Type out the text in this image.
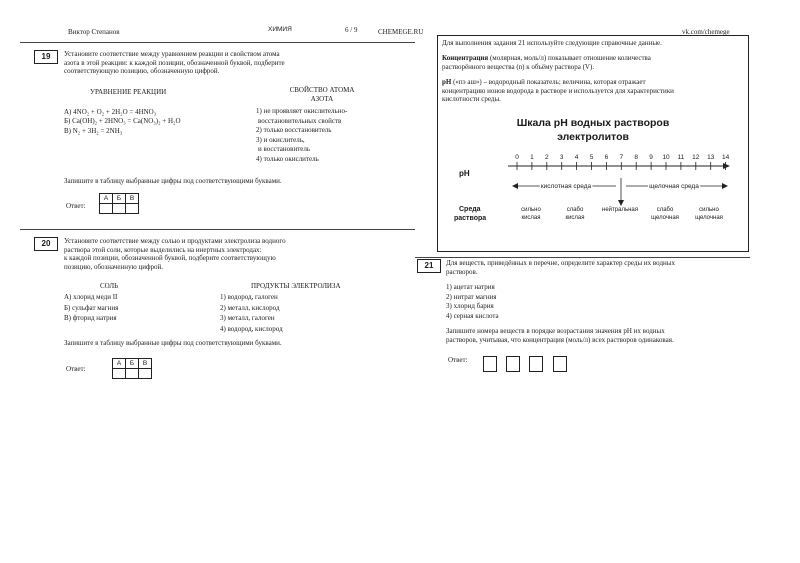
Виктор Степанов	ХИМИЯ	6 / 9	CHEMEGE.RU	vk.com/chemege
19	Установите соответствие между уравнением реакции и свойством атома
азота в этой реакции: к каждой позиции, обозначенной буквой, подберите
соответствующую позицию, обозначенную цифрой.
УРАВНЕНИЕ РЕАКЦИИ	СВОЙСТВО АТОМА
АЗОТА
А) 4NO₂ + O₂ + 2H₂O = 4HNO₃
Б) Ca(OH)₂ + 2HNO₃ = Ca(NO₃)₂ + H₂O
В) N₂ + 3H₂ = 2NH₃
1) не проявляет окислительно-
восстановительных свойств
2) только восстановитель
3) и окислитель,
и восстановитель
4) только окислитель
Запишите в таблицу выбранные цифры под соответствующими буквами.
Ответ:
А	Б	В

20	Установите соответствие между солью и продуктами электролиза водного
раствора этой соли, которые выделились на инертных электродах:
к каждой позиции, обозначенной буквой, подберите соответствующую
позицию, обозначенную цифрой.
СОЛЬ	ПРОДУКТЫ ЭЛЕКТРОЛИЗА
А) хлорид меди II
Б) сульфат магния
В) фторид натрия
1) водород, галоген
2) металл, кислород
3) металл, галоген
4) водород, кислород
Запишите в таблицу выбранные цифры под соответствующими буквами.
Ответ:
А	Б	В

Для выполнения задания 21 используйте следующие справочные данные.
Концентрация (молярная, моль/л) показывает отношение количества
растворённого вещества (n) к объёму раствора (V).
pH («пэ аш») – водородный показатель; величина, которая отражает
концентрацию ионов водорода в растворе и используется для характеристики
кислотности среды.
Шкала pH водных растворов
электролитов
pH
0 1 2 3 4 5 6 7 8 9 10 11 12 13 14
кислотная среда	щелочная среда
Среда
раствора
сильно
кислая
слабо
кислая
нейтральная	слабо
щелочная
сильно
щелочная
21	Для веществ, приведённых в перечне, определите характер среды их водных
растворов.
1) ацетат натрия
2) нитрат магния
3) хлорид бария
4) серная кислота
Запишите номера веществ в порядке возрастания значения pH их водных
растворов, учитывая, что концентрация (моль/л) всех растворов одинаковая.
Ответ:
